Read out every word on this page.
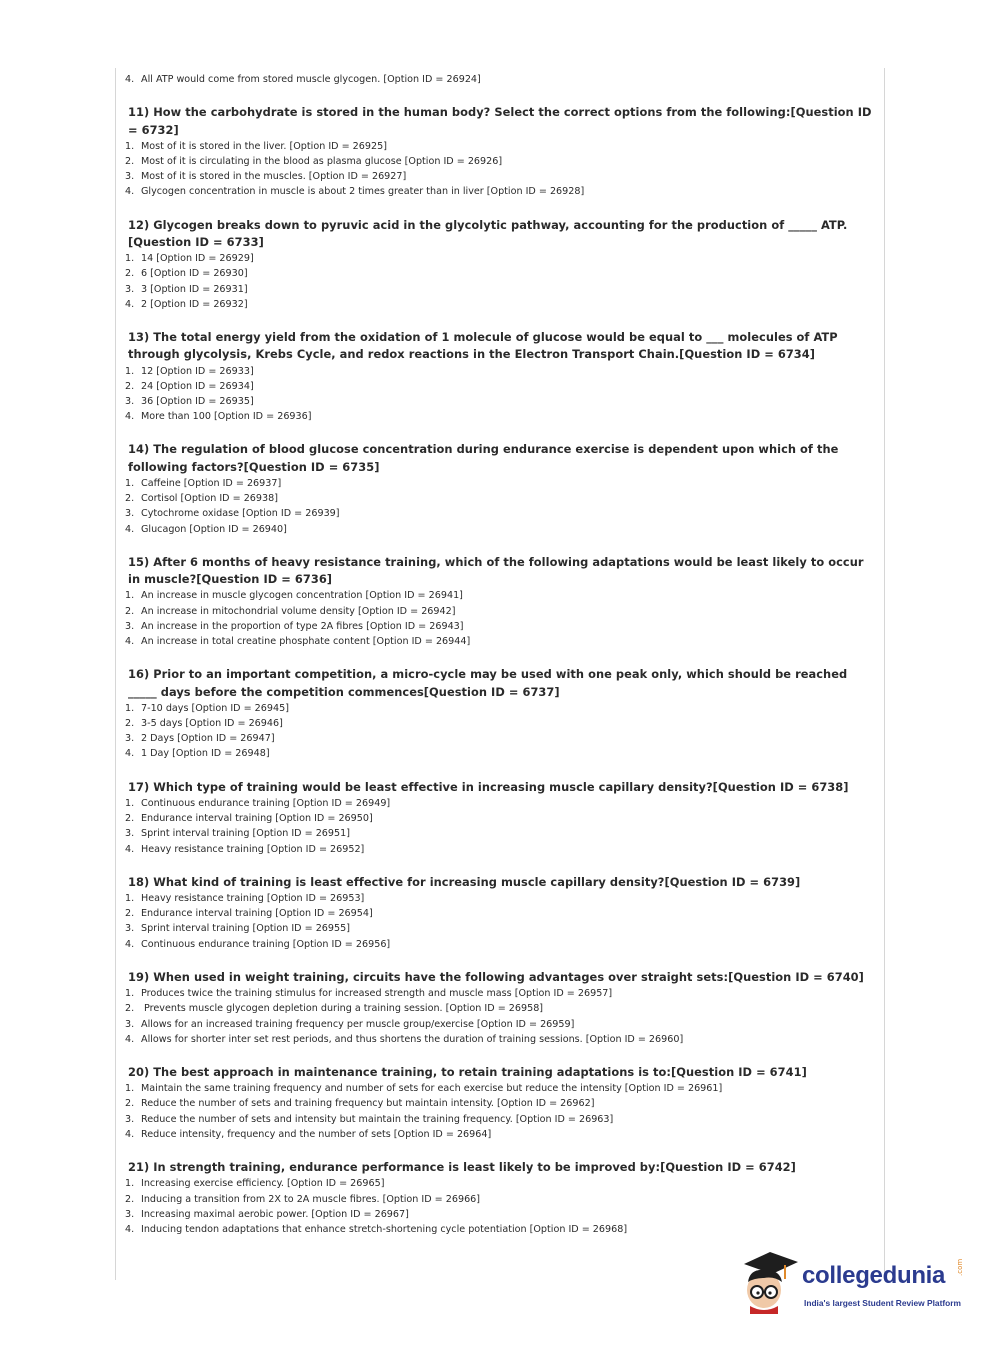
4. All ATP would come from stored muscle glycogen. [Option ID = 26924]
11) How the carbohydrate is stored in the human body? Select the correct options from the following:[Question ID = 6732]
1. Most of it is stored in the liver. [Option ID = 26925]
2. Most of it is circulating in the blood as plasma glucose [Option ID = 26926]
3. Most of it is stored in the muscles. [Option ID = 26927]
4. Glycogen concentration in muscle is about 2 times greater than in liver [Option ID = 26928]
12) Glycogen breaks down to pyruvic acid in the glycolytic pathway, accounting for the production of _____ ATP.[Question ID = 6733]
1. 14 [Option ID = 26929]
2. 6 [Option ID = 26930]
3. 3 [Option ID = 26931]
4. 2 [Option ID = 26932]
13) The total energy yield from the oxidation of 1 molecule of glucose would be equal to ___ molecules of ATP through glycolysis, Krebs Cycle, and redox reactions in the Electron Transport Chain.[Question ID = 6734]
1. 12 [Option ID = 26933]
2. 24 [Option ID = 26934]
3. 36 [Option ID = 26935]
4. More than 100 [Option ID = 26936]
14) The regulation of blood glucose concentration during endurance exercise is dependent upon which of the following factors?[Question ID = 6735]
1. Caffeine [Option ID = 26937]
2. Cortisol [Option ID = 26938]
3. Cytochrome oxidase [Option ID = 26939]
4. Glucagon [Option ID = 26940]
15) After 6 months of heavy resistance training, which of the following adaptations would be least likely to occur in muscle?[Question ID = 6736]
1. An increase in muscle glycogen concentration [Option ID = 26941]
2. An increase in mitochondrial volume density [Option ID = 26942]
3. An increase in the proportion of type 2A fibres [Option ID = 26943]
4. An increase in total creatine phosphate content [Option ID = 26944]
16) Prior to an important competition, a micro-cycle may be used with one peak only, which should be reached _____ days before the competition commences[Question ID = 6737]
1. 7-10 days [Option ID = 26945]
2. 3-5 days [Option ID = 26946]
3. 2 Days [Option ID = 26947]
4. 1 Day [Option ID = 26948]
17) Which type of training would be least effective in increasing muscle capillary density?[Question ID = 6738]
1. Continuous endurance training [Option ID = 26949]
2. Endurance interval training [Option ID = 26950]
3. Sprint interval training [Option ID = 26951]
4. Heavy resistance training [Option ID = 26952]
18) What kind of training is least effective for increasing muscle capillary density?[Question ID = 6739]
1. Heavy resistance training [Option ID = 26953]
2. Endurance interval training [Option ID = 26954]
3. Sprint interval training [Option ID = 26955]
4. Continuous endurance training [Option ID = 26956]
19) When used in weight training, circuits have the following advantages over straight sets:[Question ID = 6740]
1. Produces twice the training stimulus for increased strength and muscle mass [Option ID = 26957]
2. Prevents muscle glycogen depletion during a training session. [Option ID = 26958]
3. Allows for an increased training frequency per muscle group/exercise [Option ID = 26959]
4. Allows for shorter inter set rest periods, and thus shortens the duration of training sessions. [Option ID = 26960]
20) The best approach in maintenance training, to retain training adaptations is to:[Question ID = 6741]
1. Maintain the same training frequency and number of sets for each exercise but reduce the intensity [Option ID = 26961]
2. Reduce the number of sets and training frequency but maintain intensity. [Option ID = 26962]
3. Reduce the number of sets and intensity but maintain the training frequency. [Option ID = 26963]
4. Reduce intensity, frequency and the number of sets [Option ID = 26964]
21) In strength training, endurance performance is least likely to be improved by:[Question ID = 6742]
1. Increasing exercise efficiency. [Option ID = 26965]
2. Inducing a transition from 2X to 2A muscle fibres. [Option ID = 26966]
3. Increasing maximal aerobic power. [Option ID = 26967]
4. Inducing tendon adaptations that enhance stretch-shortening cycle potentiation [Option ID = 26968]
collegedunia .com
India's largest Student Review Platform
